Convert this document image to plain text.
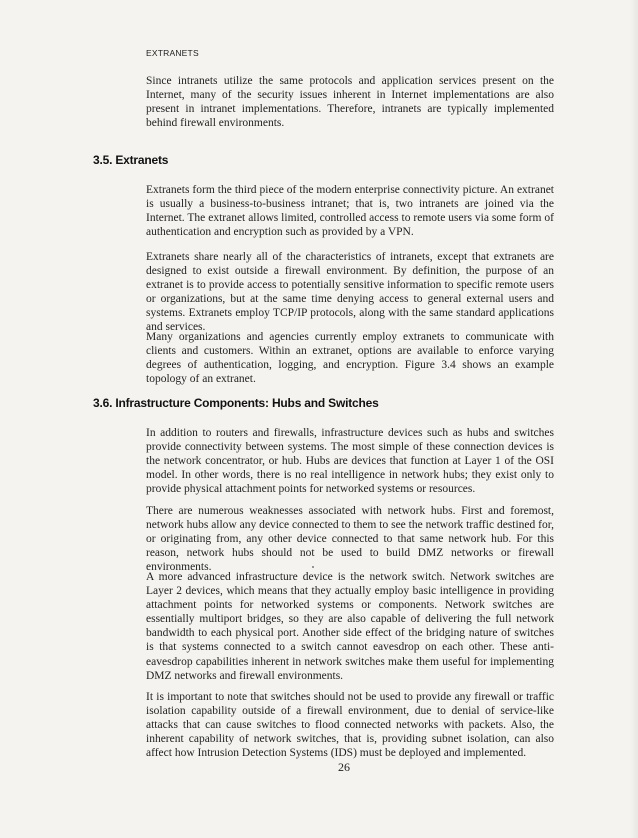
EXTRANETS

Since intranets utilize the same protocols and application services present on the Internet, many of the security issues inherent in Internet implementations are also present in intranet implementations. Therefore, intranets are typically implemented behind firewall environments.

3.5. Extranets

Extranets form the third piece of the modern enterprise connectivity picture. An extranet is usually a business-to-business intranet; that is, two intranets are joined via the Internet. The extranet allows limited, controlled access to remote users via some form of authentication and encryption such as provided by a VPN.

Extranets share nearly all of the characteristics of intranets, except that extranets are designed to exist outside a firewall environment. By definition, the purpose of an extranet is to provide access to potentially sensitive information to specific remote users or organizations, but at the same time denying access to general external users and systems. Extranets employ TCP/IP protocols, along with the same standard applications and services.

Many organizations and agencies currently employ extranets to communicate with clients and customers. Within an extranet, options are available to enforce varying degrees of authentication, logging, and encryption. Figure 3.4 shows an example topology of an extranet.

3.6. Infrastructure Components: Hubs and Switches

In addition to routers and firewalls, infrastructure devices such as hubs and switches provide connectivity between systems. The most simple of these connection devices is the network concentrator, or hub. Hubs are devices that function at Layer 1 of the OSI model. In other words, there is no real intelligence in network hubs; they exist only to provide physical attachment points for networked systems or resources.

There are numerous weaknesses associated with network hubs. First and foremost, network hubs allow any device connected to them to see the network traffic destined for, or originating from, any other device connected to that same network hub. For this reason, network hubs should not be used to build DMZ networks or firewall environments.

A more advanced infrastructure device is the network switch. Network switches are Layer 2 devices, which means that they actually employ basic intelligence in providing attachment points for networked systems or components. Network switches are essentially multiport bridges, so they are also capable of delivering the full network bandwidth to each physical port. Another side effect of the bridging nature of switches is that systems connected to a switch cannot eavesdrop on each other. These anti-eavesdrop capabilities inherent in network switches make them useful for implementing DMZ networks and firewall environments.

It is important to note that switches should not be used to provide any firewall or traffic isolation capability outside of a firewall environment, due to denial of service-like attacks that can cause switches to flood connected networks with packets. Also, the inherent capability of network switches, that is, providing subnet isolation, can also affect how Intrusion Detection Systems (IDS) must be deployed and implemented.

26
